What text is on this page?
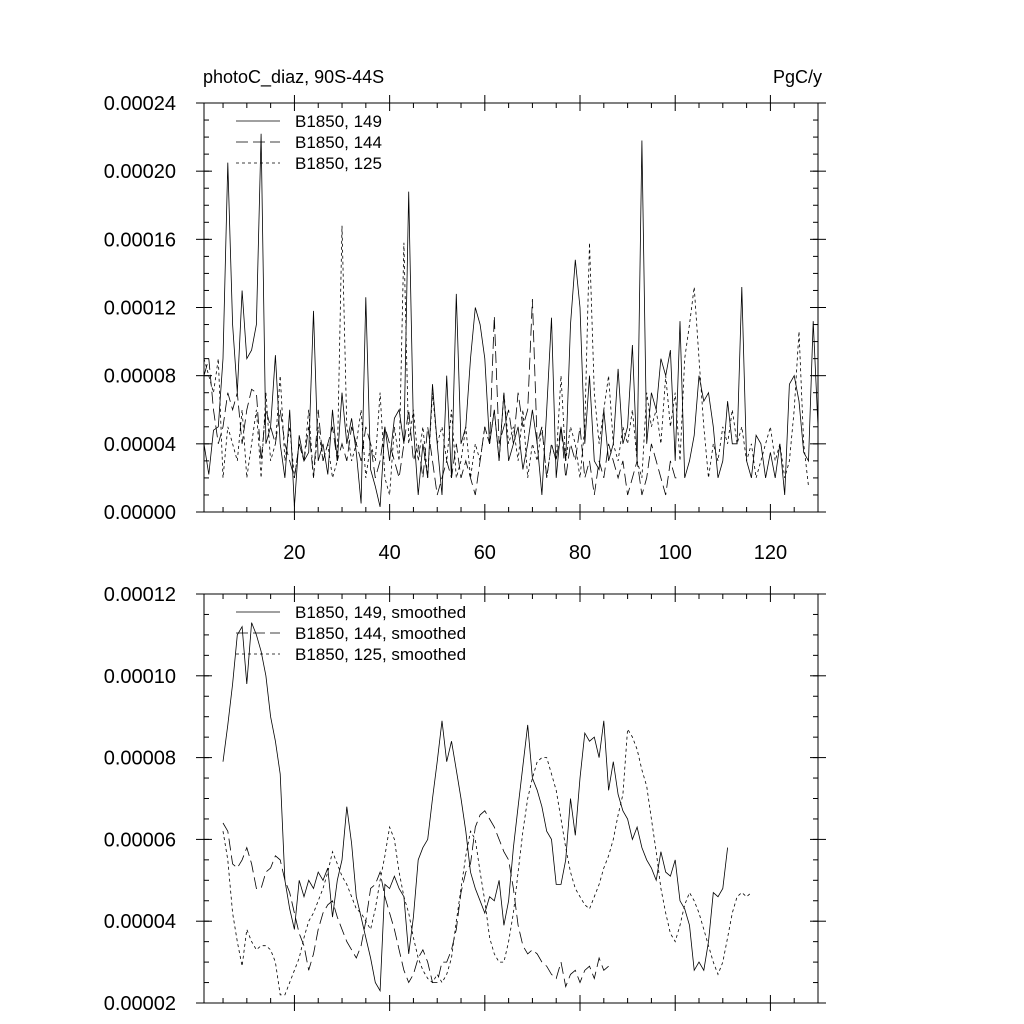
photoC_diaz, 90S-44S	PgC/y
0.00000
0.00004
0.00008
0.00012
0.00016
0.00020
0.00024
20	40	60	80	100	120
B1850, 149
B1850, 144
B1850, 125
0.00002
0.00004
0.00006
0.00008
0.00010
0.00012
B1850, 149, smoothed
B1850, 144, smoothed
B1850, 125, smoothed
